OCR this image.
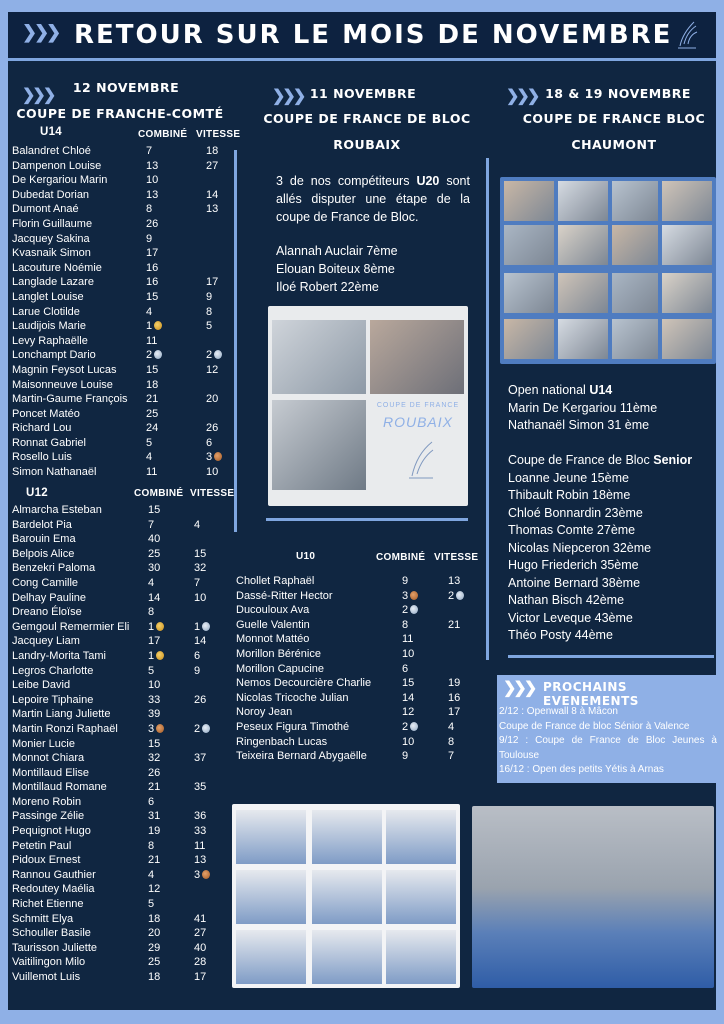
❯❯❯ RETOUR SUR LE MOIS DE NOVEMBRE
❯❯❯	12 NOVEMBRE
COUPE DE FRANCHE-COMTÉ
U14	COMBINÉ VITESSE
Balandret Chloé	7	18
Dampenon Louise	13	27
De Kergariou Marin	10
Dubedat Dorian	13	14
Dumont Anaé	8	13
Florin Guillaume	26
Jacquey Sakina	9
Kvasnaik Simon	17
Lacouture Noémie	16
Langlade Lazare	16	17
Langlet Louise	15	9
Larue Clotilde	4	8
Laudijois Marie	1	5
Levy Raphaëlle	11
Lonchampt Dario	2	2
Magnin Feysot Lucas	15	12
Maisonneuve Louise	18
Martin-Gaume François 21	20
Poncet Matéo	25
Richard Lou	24	26
Ronnat Gabriel	5	6
Rosello Luis	4	3
Simon Nathanaël	11	10
U12	COMBINÉ VITESSE
Almarcha Esteban	15
Bardelot Pia	7	4
Barouin Ema	40
Belpois Alice	25	15
Benzekri Paloma	30	32
Cong Camille	4	7
Delhay Pauline	14	10
Dreano Éloïse	8
Gemgoul Remermier Eli 1	1
Jacquey Liam	17	14
Landry-Morita Tami	1	6
Legros Charlotte	5	9
Leibe David	10
Lepoire Tiphaine	33	26
Martin Liang Juliette	39
Martin Ronzi Raphaël	3	2
Monier Lucie	15
Monnot Chiara	32	37
Montillaud Elise	26
Montillaud Romane	21	35
Moreno Robin	6
Passinge Zélie	31	36
Pequignot Hugo	19	33
Petetin Paul	8	11
Pidoux Ernest	21	13
Rannou Gauthier	4	3
Redoutey Maélia	12
Richet Etienne	5
Schmitt Elya	18	41
Schouller Basile	20	27
Taurisson Juliette	29	40
Vaitilingon Milo	25	28
Vuillemot Luis	18	17
❯❯❯ 11 NOVEMBRE
COUPE DE FRANCE DE BLOC
ROUBAIX
3 de nos compétiteurs U20 sont allés disputer une étape de la coupe de France de Bloc.
Alannah Auclair 7ème
Elouan Boiteux 8ème
Iloé Robert 22ème
COUPE DE FRANCE
ROUBAIX
U10	COMBINÉ VITESSE
Chollet Raphaël	9	13
Dassé-Ritter Hector	3	2
Ducouloux Ava	2
Guelle Valentin	8	21
Monnot Mattéo	11
Morillon Bérénice	10
Morillon Capucine	6
Nemos Decourcière Charlie	15	19
Nicolas Tricoche Julian	14	16
Noroy Jean	12	17
Peseux Figura Timothé	2	4
Ringenbach Lucas	10	8
Teixeira Bernard Abygaëlle	9	7
❯❯❯ 18 & 19 NOVEMBRE
COUPE DE FRANCE BLOC
CHAUMONT
Open national U14
Marin De Kergariou 11ème
Nathanaël Simon 31 ème
Coupe de France de Bloc Senior
Loanne Jeune 15ème
Thibault Robin 18ème
Chloé Bonnardin 23ème
Thomas Comte 27ème
Nicolas Niepceron 32ème
Hugo Friederich 35ème
Antoine Bernard 38ème
Nathan Bisch 42ème
Victor Leveque 43ème
Théo Posty 44ème
❯❯❯ PROCHAINS EVENEMENTS
2/12 : Openwall 8 à Mâcon
Coupe de France de bloc Sénior à Valence
9/12 : Coupe de France de Bloc Jeunes à Toulouse
16/12 : Open des petits Yétis à Arnas
